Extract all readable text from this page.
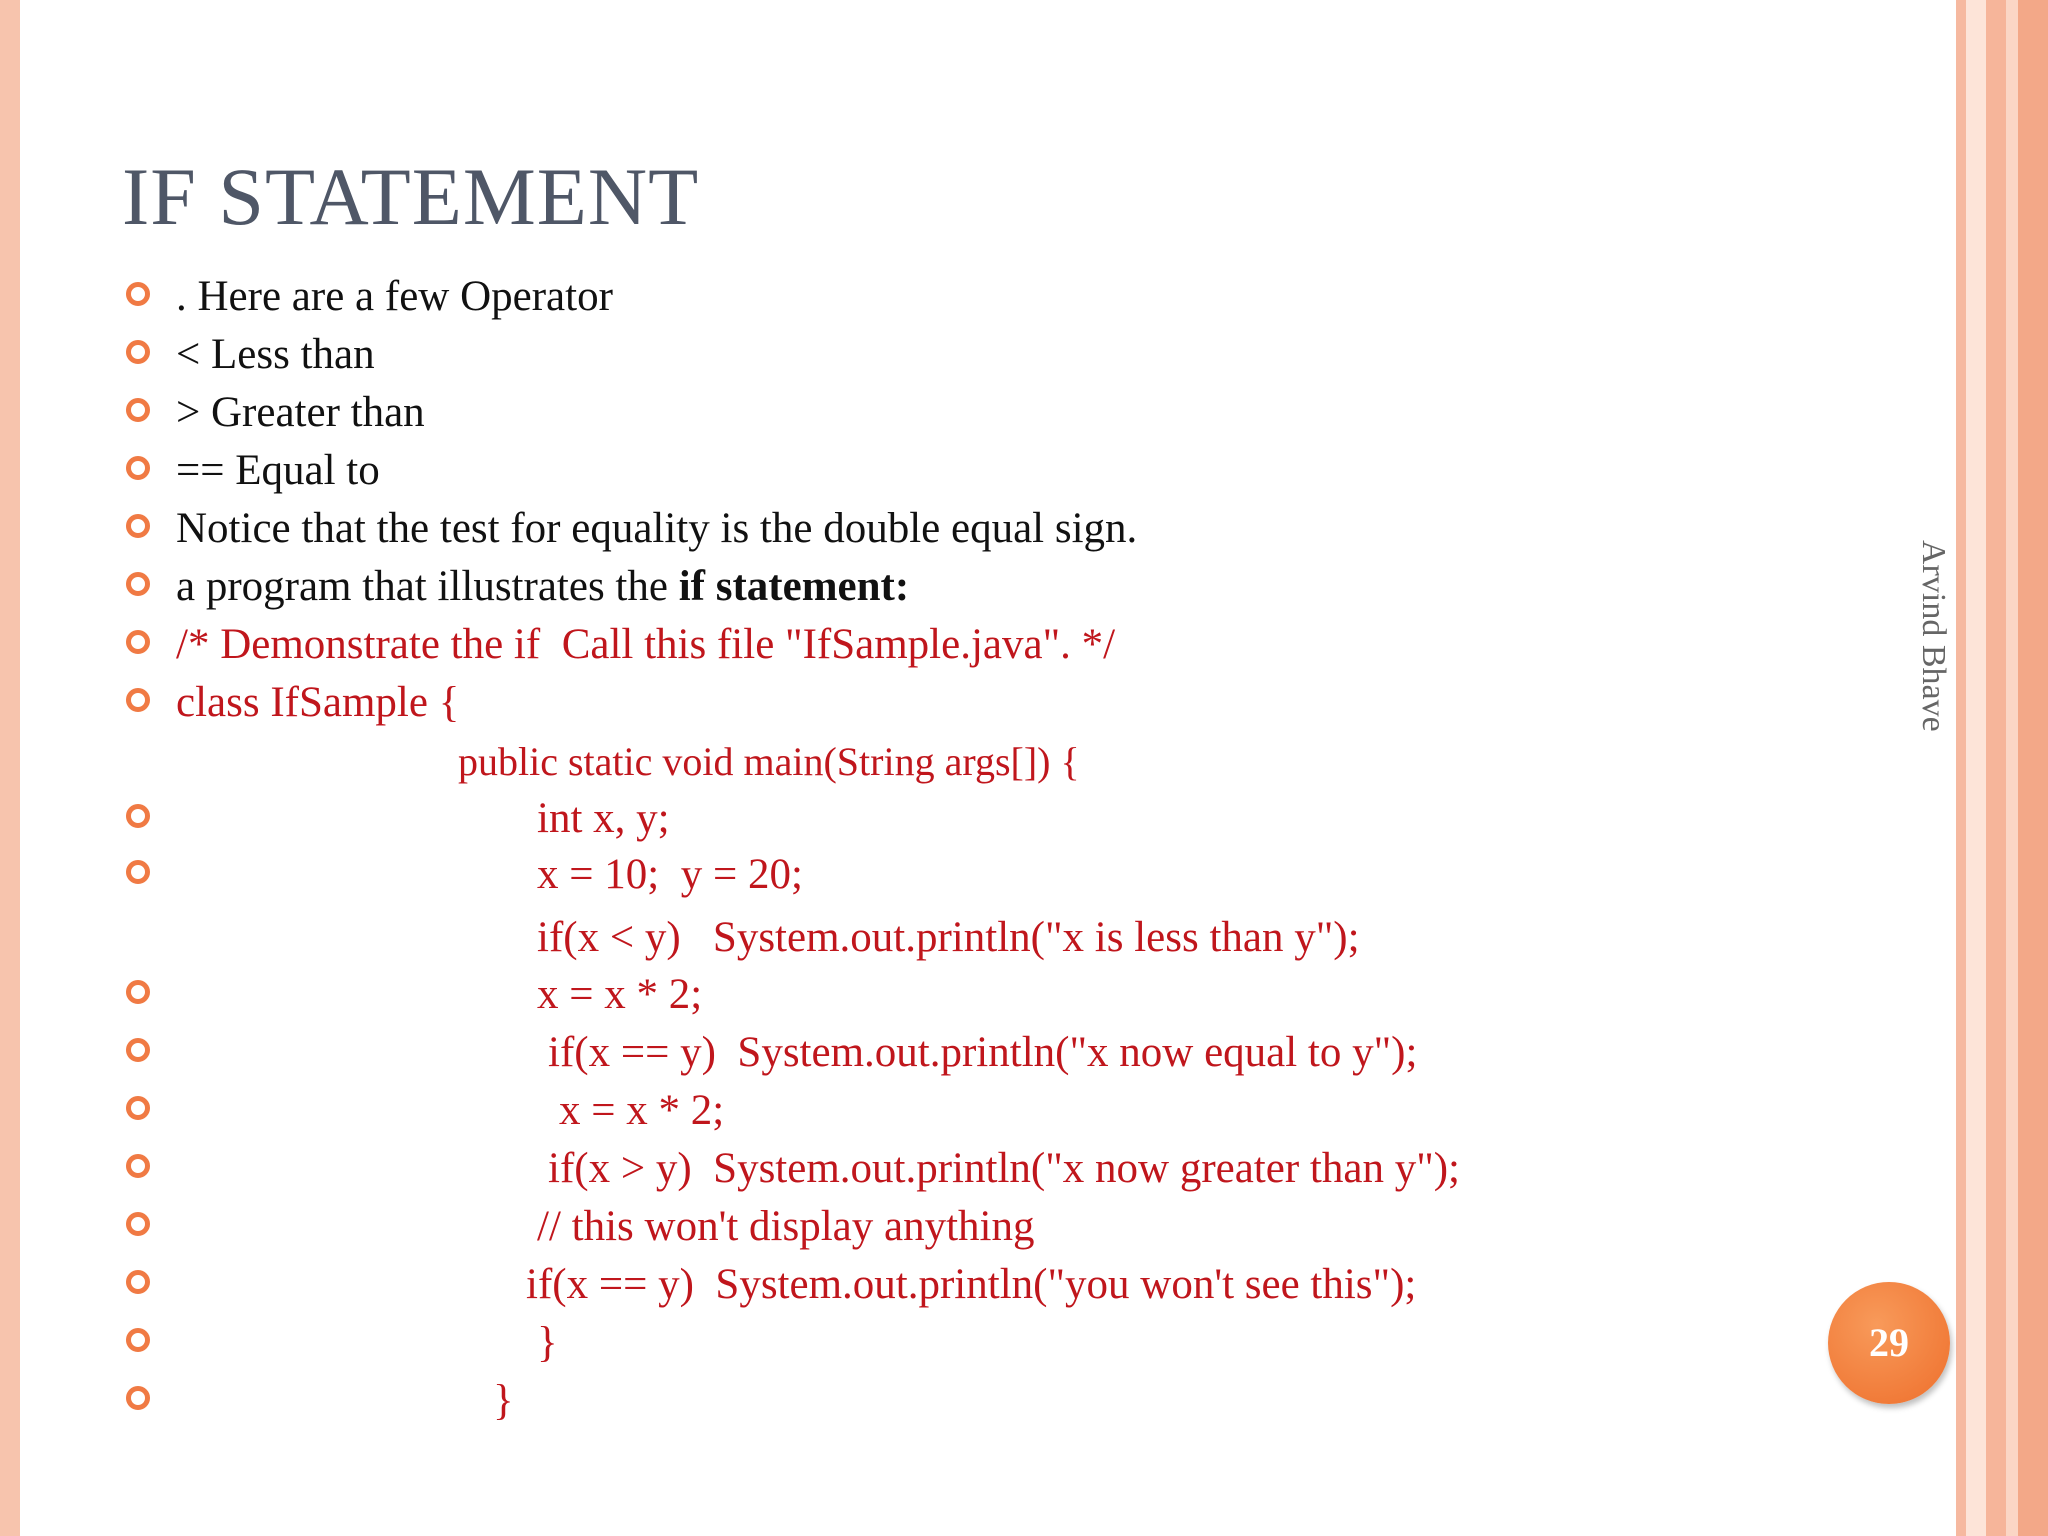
IF STATEMENT
. Here are a few Operator
< Less than
> Greater than
== Equal to
Notice that the test for equality is the double equal sign.
a program that illustrates the if statement:
/* Demonstrate the if  Call this file "IfSample.java". */
class IfSample {
public static void main(String args[]) {
int x, y;
x = 10;  y = 20;
if(x < y)   System.out.println("x is less than y");
x = x * 2;
if(x == y)  System.out.println("x now equal to y");
x = x * 2;
if(x > y)  System.out.println("x now greater than y");
// this won't display anything
if(x == y)  System.out.println("you won't see this");
}
}
Arvind Bhave
29
